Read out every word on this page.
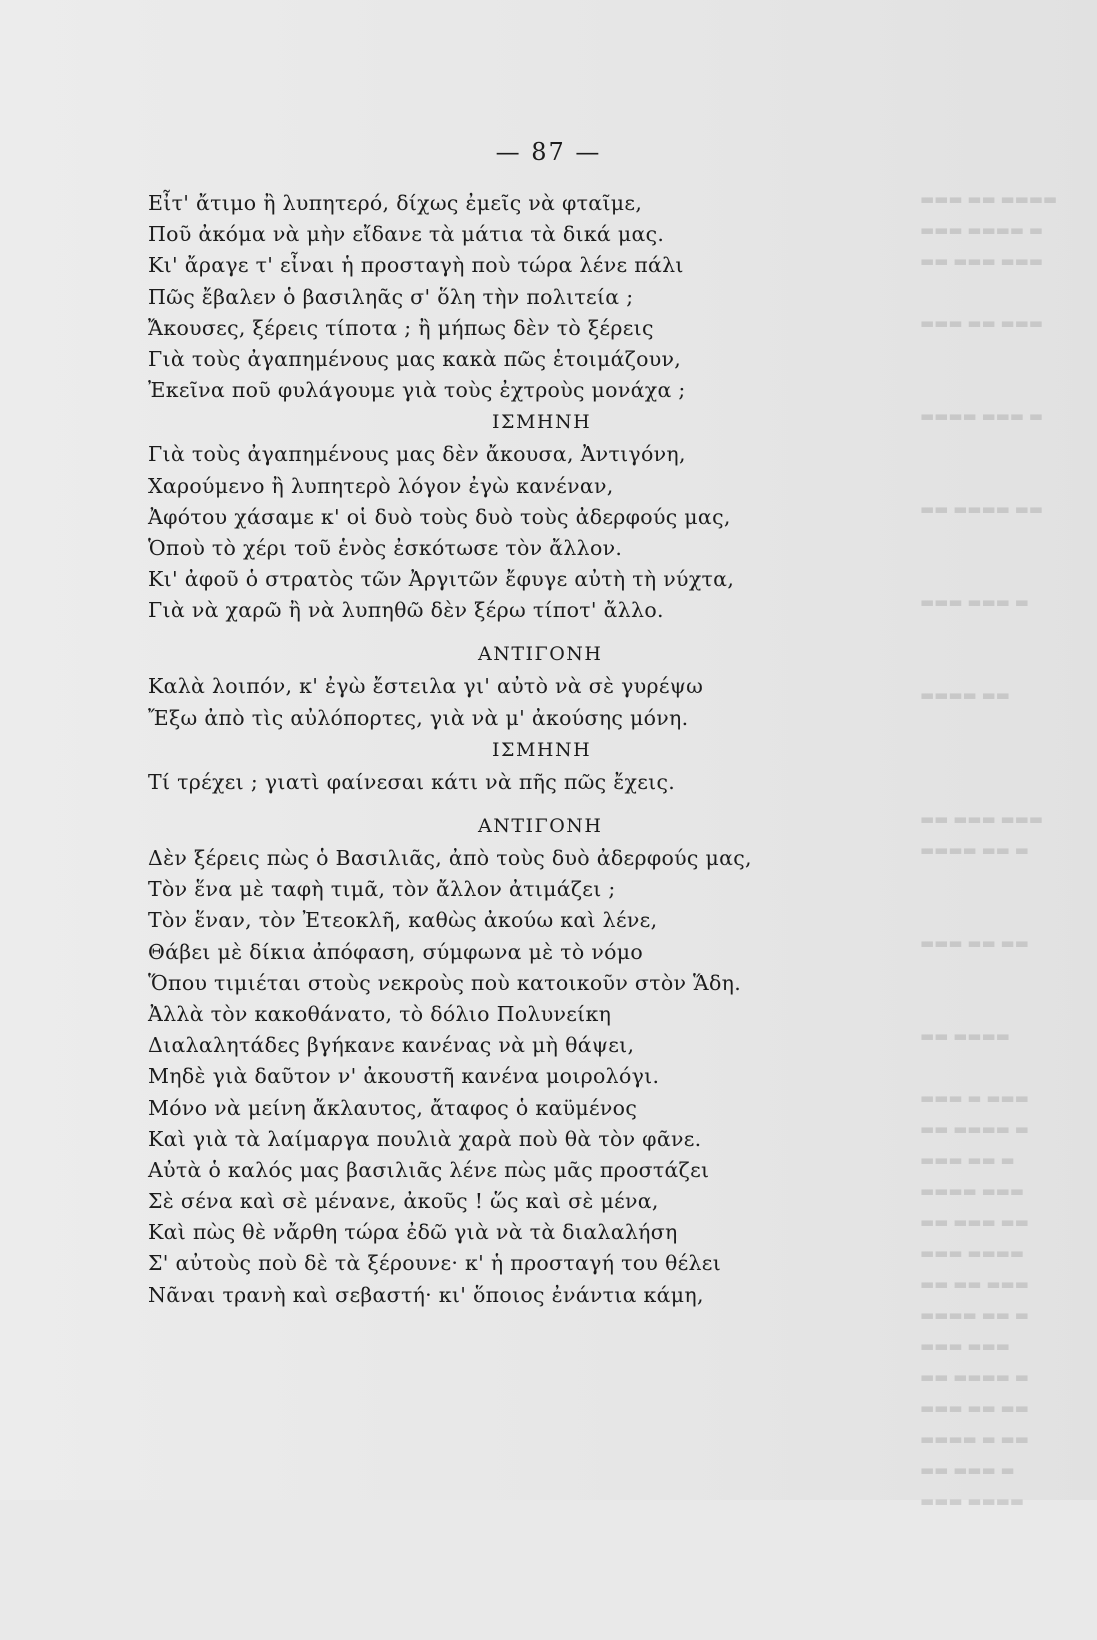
▬▬▬ ▬▬ ▬▬▬▬
▬▬▬ ▬▬▬▬ ▬
▬▬ ▬▬▬ ▬▬▬
▬▬▬ ▬▬ ▬▬▬
▬▬▬▬ ▬▬▬ ▬
▬▬ ▬▬▬▬ ▬▬
▬▬▬ ▬▬▬ ▬
▬▬▬▬ ▬▬
▬▬ ▬▬▬ ▬▬▬
▬▬▬▬ ▬▬ ▬
▬▬▬ ▬▬ ▬▬
▬▬ ▬▬▬▬
▬▬▬ ▬ ▬▬▬
▬▬ ▬▬▬▬ ▬
▬▬▬ ▬▬ ▬
▬▬▬▬ ▬▬▬
▬▬ ▬▬▬ ▬▬
▬▬▬ ▬▬▬▬
▬▬ ▬▬ ▬▬▬
▬▬▬▬ ▬▬ ▬
▬▬▬ ▬▬▬
▬▬ ▬▬▬▬ ▬
▬▬▬ ▬▬ ▬▬
▬▬▬▬ ▬ ▬▬
▬▬ ▬▬▬ ▬
▬▬▬ ▬▬▬▬
— 87 —
Εἶτ' ἄτιμο ἢ λυπητερό, δίχως ἐμεῖς νὰ φταῖμε,
Ποῦ ἀκόμα νὰ μὴν εἴδανε τὰ μάτια τὰ δικά μας.
Κι' ἄραγε τ' εἶναι ἡ προσταγὴ ποὺ τώρα λένε πάλι
Πῶς ἔβαλεν ὁ βασιληᾶς σ' ὅλη τὴν πολιτεία ;
Ἄκουσες, ξέρεις τίποτα ; ἢ μήπως δὲν τὸ ξέρεις
Γιὰ τοὺς ἀγαπημένους μας κακὰ πῶς ἑτοιμάζουν,
Ἐκεῖνα ποῦ φυλάγουμε γιὰ τοὺς ἐχτροὺς μονάχα ;
ΙΣΜΗΝΗ
Γιὰ τοὺς ἀγαπημένους μας δὲν ἄκουσα, Ἀντιγόνη,
Χαρούμενο ἢ λυπητερὸ λόγον ἐγὼ κανέναν,
Ἀφότου χάσαμε κ' οἱ δυὸ τοὺς δυὸ τοὺς ἀδερφούς μας,
Ὁποὺ τὸ χέρι τοῦ ἑνὸς ἐσκότωσε τὸν ἄλλον.
Κι' ἀφοῦ ὁ στρατὸς τῶν Ἀργιτῶν ἔφυγε αὐτὴ τὴ νύχτα,
Γιὰ νὰ χαρῶ ἢ νὰ λυπηθῶ δὲν ξέρω τίποτ' ἄλλο.
ΑΝΤΙΓΟΝΗ
Καλὰ λοιπόν, κ' ἐγὼ ἔστειλα γι' αὐτὸ νὰ σὲ γυρέψω
Ἔξω ἀπὸ τὶς αὐλόπορτες, γιὰ νὰ μ' ἀκούσης μόνη.
ΙΣΜΗΝΗ
Τί τρέχει ; γιατὶ φαίνεσαι κάτι νὰ πῆς πῶς ἔχεις.
ΑΝΤΙΓΟΝΗ
Δὲν ξέρεις πὼς ὁ Βασιλιᾶς, ἀπὸ τοὺς δυὸ ἀδερφούς μας,
Τὸν ἕνα μὲ ταφὴ τιμᾶ, τὸν ἄλλον ἀτιμάζει ;
Τὸν ἕναν, τὸν Ἐτεοκλῆ, καθὼς ἀκούω καὶ λένε,
Θάβει μὲ δίκια ἀπόφαση, σύμφωνα μὲ τὸ νόμο
Ὅπου τιμιέται στοὺς νεκροὺς ποὺ κατοικοῦν στὸν Ἅδη.
Ἀλλὰ τὸν κακοθάνατο, τὸ δόλιο Πολυνείκη
Διαλαλητάδες βγήκανε κανένας νὰ μὴ θάψει,
Μηδὲ γιὰ δαῦτον ν' ἀκουστῆ κανένα μοιρολόγι.
Μόνο νὰ μείνη ἄκλαυτος, ἄταφος ὁ καϋμένος
Καὶ γιὰ τὰ λαίμαργα πουλιὰ χαρὰ ποὺ θὰ τὸν φᾶνε.
Αὐτὰ ὁ καλός μας βασιλιᾶς λένε πὼς μᾶς προστάζει
Σὲ σένα καὶ σὲ μένανε, ἀκοῦς ! ὥς καὶ σὲ μένα,
Καὶ πὼς θὲ νἄρθη τώρα ἐδῶ γιὰ νὰ τὰ διαλαλήση
Σ' αὐτοὺς ποὺ δὲ τὰ ξέρουνε· κ' ἡ προσταγή του θέλει
Νᾶναι τρανὴ καὶ σεβαστή· κι' ὅποιος ἐνάντια κάμη,
